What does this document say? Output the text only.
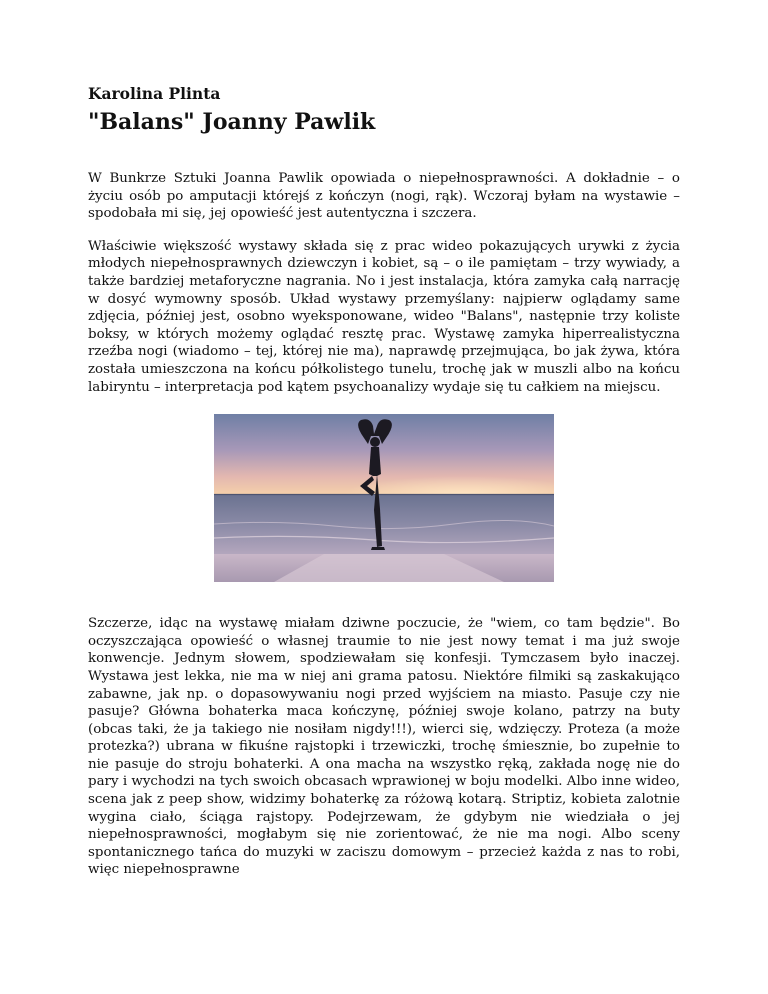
Karolina Plinta
"Balans" Joanny Pawlik

W Bunkrze Sztuki Joanna Pawlik opowiada o niepełnosprawności. A dokładnie – o życiu osób po amputacji którejś z kończyn (nogi, rąk). Wczoraj byłam na wystawie – spodobała mi się, jej opowieść jest autentyczna i szczera.

Właściwie większość wystawy składa się z prac wideo pokazujących urywki z życia młodych niepełnosprawnych dziewczyn i kobiet, są – o ile pamiętam – trzy wywiady, a także bardziej metaforyczne nagrania. No i jest instalacja, która zamyka całą narrację w dosyć wymowny sposób. Układ wystawy przemyślany: najpierw oglądamy same zdjęcia, później jest, osobno wyeksponowane, wideo "Balans", następnie trzy koliste boksy, w których możemy oglądać resztę prac. Wystawę zamyka hiperrealistyczna rzeźba nogi (wiadomo – tej, której nie ma), naprawdę przejmująca, bo jak żywa, która została umieszczona na końcu półkolistego tunelu, trochę jak w muszli albo na końcu labiryntu – interpretacja pod kątem psychoanalizy wydaje się tu całkiem na miejscu.

Szczerze, idąc na wystawę miałam dziwne poczucie, że "wiem, co tam będzie". Bo oczyszczająca opowieść o własnej traumie to nie jest nowy temat i ma już swoje konwencje. Jednym słowem, spodziewałam się konfesji. Tymczasem było inaczej. Wystawa jest lekka, nie ma w niej ani grama patosu. Niektóre filmiki są zaskakująco zabawne, jak np. o dopasowywaniu nogi przed wyjściem na miasto. Pasuje czy nie pasuje? Główna bohaterka maca kończynę, później swoje kolano, patrzy na buty (obcas taki, że ja takiego nie nosiłam nigdy!!!), wierci się, wdzięczy. Proteza (a może protezka?) ubrana w fikuśne rajstopki i trzewiczki, trochę śmiesznie, bo zupełnie to nie pasuje do stroju bohaterki. A ona macha na wszystko ręką, zakłada nogę nie do pary i wychodzi na tych swoich obcasach wprawionej w boju modelki. Albo inne wideo, scena jak z peep show, widzimy bohaterkę za różową kotarą. Striptiz, kobieta zalotnie wygina ciało, ściąga rajstopy. Podejrzewam, że gdybym nie wiedziała o jej niepełnosprawności, mogłabym się nie zorientować, że nie ma nogi. Albo sceny spontanicznego tańca do muzyki w zaciszu domowym – przecież każda z nas to robi, więc niepełnosprawne
